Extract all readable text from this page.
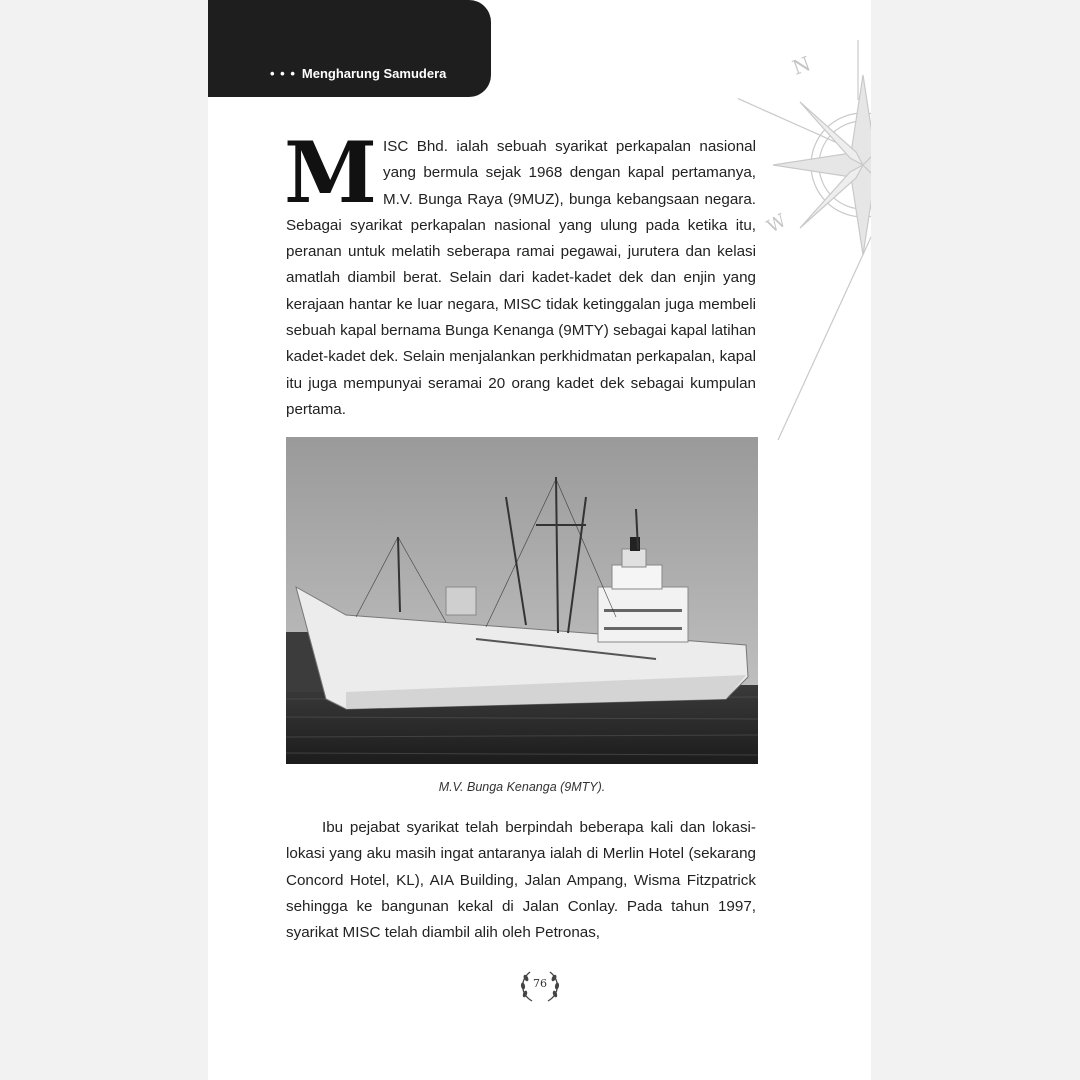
• • • Mengharung Samudera	N
W
MISC Bhd. ialah sebuah syarikat perkapalan nasional yang bermula sejak 1968 dengan kapal pertamanya, M.V. Bunga Raya (9MUZ), bunga kebangsaan negara. Sebagai syarikat perkapalan nasional yang ulung pada ketika itu, peranan untuk melatih seberapa ramai pegawai, jurutera dan kelasi amatlah diambil berat. Selain dari kadet-kadet dek dan enjin yang kerajaan hantar ke luar negara, MISC tidak ketinggalan juga membeli sebuah kapal bernama Bunga Kenanga (9MTY) sebagai kapal latihan kadet-kadet dek. Selain menjalankan perkhidmatan perkapalan, kapal itu juga mempunyai seramai 20 orang kadet dek sebagai kumpulan pertama.
M.V. Bunga Kenanga (9MTY).
Ibu pejabat syarikat telah berpindah beberapa kali dan lokasi-lokasi yang aku masih ingat antaranya ialah di Merlin Hotel (sekarang Concord Hotel, KL), AIA Building, Jalan Ampang, Wisma Fitzpatrick sehingga ke bangunan kekal di Jalan Conlay. Pada tahun 1997, syarikat MISC telah diambil alih oleh Petronas,
76
